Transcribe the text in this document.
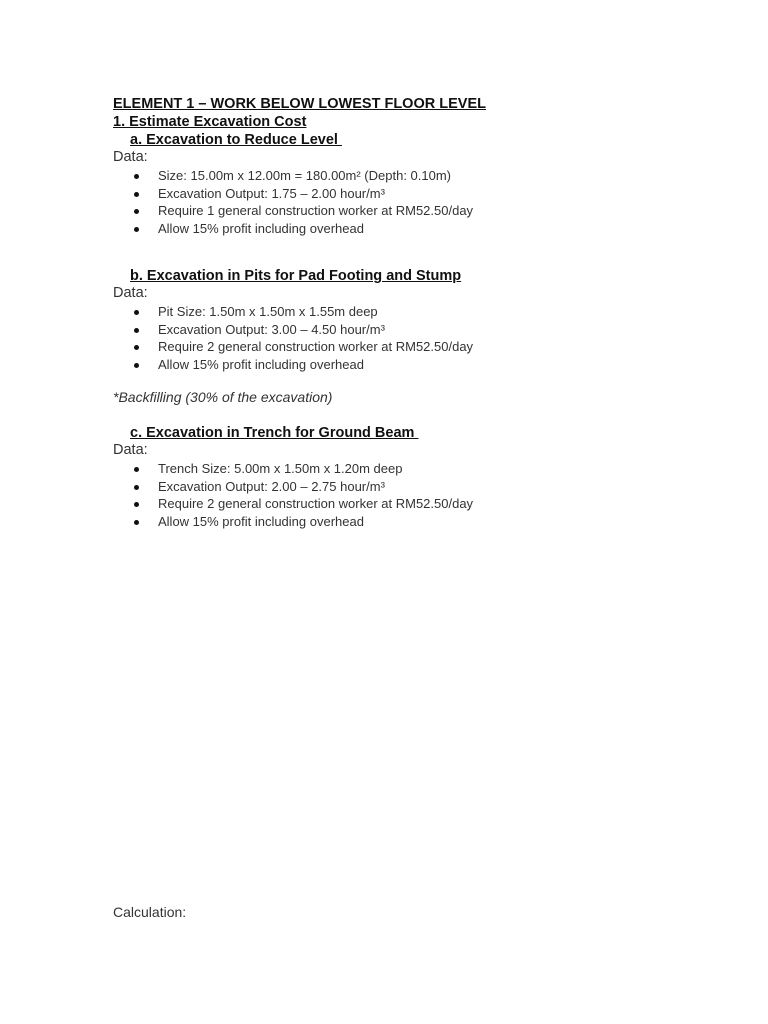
ELEMENT 1 – WORK BELOW LOWEST FLOOR LEVEL

1. Estimate Excavation Cost

a. Excavation to Reduce Level

Data:

Size: 15.00m x 12.00m = 180.00m² (Depth: 0.10m)
Excavation Output: 1.75 – 2.00 hour/m³
Require 1 general construction worker at RM52.50/day
Allow 15% profit including overhead

b. Excavation in Pits for Pad Footing and Stump

Data:

Pit Size: 1.50m x 1.50m x 1.55m deep
Excavation Output: 3.00 – 4.50 hour/m³
Require 2 general construction worker at RM52.50/day
Allow 15% profit including overhead

*Backfilling (30% of the excavation)

c. Excavation in Trench for Ground Beam

Data:

Trench Size: 5.00m x 1.50m x 1.20m deep
Excavation Output: 2.00 – 2.75 hour/m³
Require 2 general construction worker at RM52.50/day
Allow 15% profit including overhead
Calculation:
